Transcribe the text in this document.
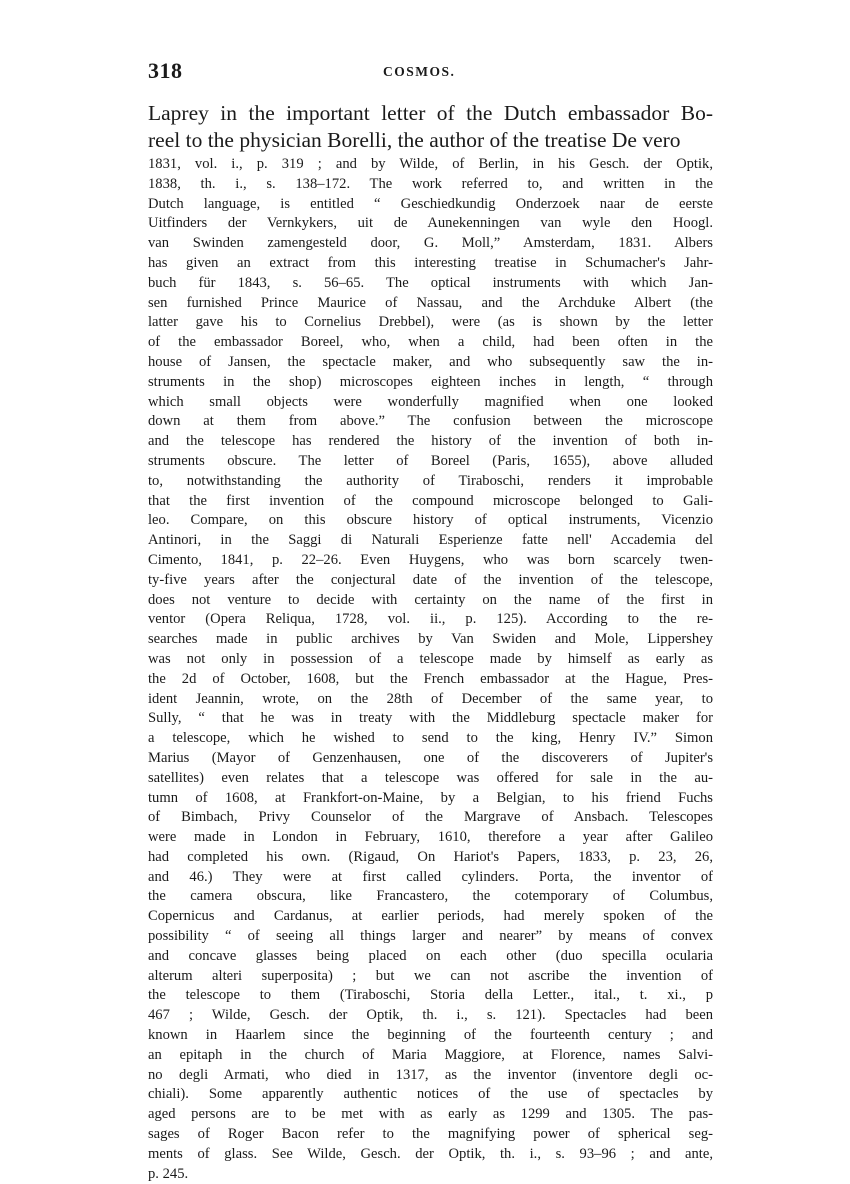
318	COSMOS.
Laprey in the important letter of the Dutch embassador Bo-
reel to the physician Borelli, the author of the treatise De vero
1831, vol. i., p. 319 ; and by Wilde, of Berlin, in his Gesch. der Optik,
1838, th. i., s. 138–172. The work referred to, and written in the
Dutch language, is entitled “ Geschiedkundig Onderzoek naar de eerste
Uitfinders der Vernkykers, uit de Aunekenningen van wyle den Hoogl.
van Swinden zamengesteld door, G. Moll,” Amsterdam, 1831. Albers
has given an extract from this interesting treatise in Schumacher's Jahr-
buch für 1843, s. 56–65. The optical instruments with which Jan-
sen furnished Prince Maurice of Nassau, and the Archduke Albert (the
latter gave his to Cornelius Drebbel), were (as is shown by the letter
of the embassador Boreel, who, when a child, had been often in the
house of Jansen, the spectacle maker, and who subsequently saw the in-
struments in the shop) microscopes eighteen inches in length, “ through
which small objects were wonderfully magnified when one looked
down at them from above.” The confusion between the microscope
and the telescope has rendered the history of the invention of both in-
struments obscure. The letter of Boreel (Paris, 1655), above alluded
to, notwithstanding the authority of Tiraboschi, renders it improbable
that the first invention of the compound microscope belonged to Gali-
leo. Compare, on this obscure history of optical instruments, Vicenzio
Antinori, in the Saggi di Naturali Esperienze fatte nell' Accademia del
Cimento, 1841, p. 22–26. Even Huygens, who was born scarcely twen-
ty-five years after the conjectural date of the invention of the telescope,
does not venture to decide with certainty on the name of the first in
ventor (Opera Reliqua, 1728, vol. ii., p. 125). According to the re-
searches made in public archives by Van Swiden and Mole, Lippershey
was not only in possession of a telescope made by himself as early as
the 2d of October, 1608, but the French embassador at the Hague, Pres-
ident Jeannin, wrote, on the 28th of December of the same year, to
Sully, “ that he was in treaty with the Middleburg spectacle maker for
a telescope, which he wished to send to the king, Henry IV.” Simon
Marius (Mayor of Genzenhausen, one of the discoverers of Jupiter's
satellites) even relates that a telescope was offered for sale in the au-
tumn of 1608, at Frankfort-on-Maine, by a Belgian, to his friend Fuchs
of Bimbach, Privy Counselor of the Margrave of Ansbach. Telescopes
were made in London in February, 1610, therefore a year after Galileo
had completed his own. (Rigaud, On Hariot's Papers, 1833, p. 23, 26,
and 46.) They were at first called cylinders. Porta, the inventor of
the camera obscura, like Francastero, the cotemporary of Columbus,
Copernicus and Cardanus, at earlier periods, had merely spoken of the
possibility “ of seeing all things larger and nearer” by means of convex
and concave glasses being placed on each other (duo specilla ocularia
alterum alteri superposita) ; but we can not ascribe the invention of
the telescope to them (Tiraboschi, Storia della Letter., ital., t. xi., p
467 ; Wilde, Gesch. der Optik, th. i., s. 121). Spectacles had been
known in Haarlem since the beginning of the fourteenth century ; and
an epitaph in the church of Maria Maggiore, at Florence, names Salvi-
no degli Armati, who died in 1317, as the inventor (inventore degli oc-
chiali). Some apparently authentic notices of the use of spectacles by
aged persons are to be met with as early as 1299 and 1305. The pas-
sages of Roger Bacon refer to the magnifying power of spherical seg-
ments of glass. See Wilde, Gesch. der Optik, th. i., s. 93–96 ; and ante,
p. 245.
